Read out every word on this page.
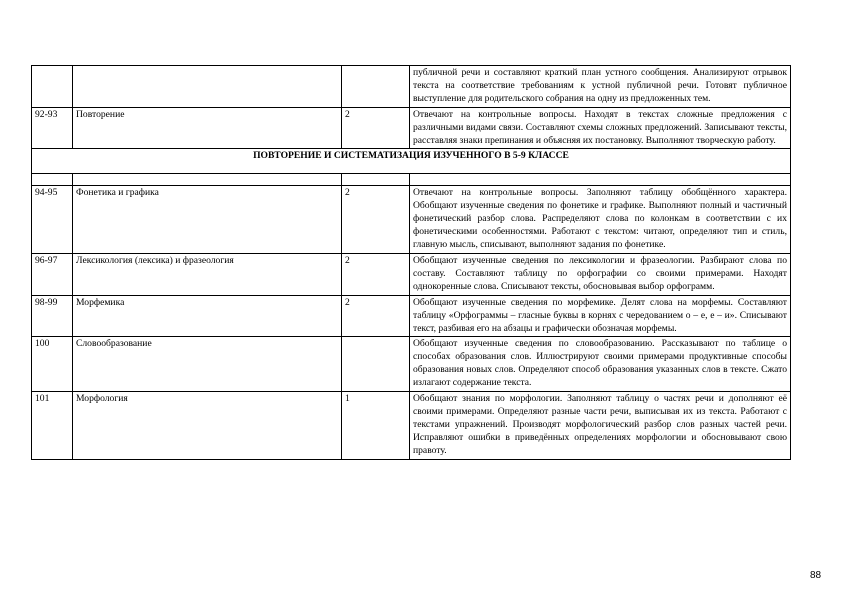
			публичной речи и составляют краткий план устного сообщения. Анализируют отрывок текста на соответствие требованиям к устной публичной речи. Готовят публичное выступление для родительского собрания на одну из предложенных тем.
92-93	Повторение	2	Отвечают на контрольные вопросы. Находят в текстах сложные предложения с различными видами связи. Составляют схемы сложных предложений. Записывают тексты, расставляя знаки препинания и объясняя их постановку. Выполняют творческую работу.
ПОВТОРЕНИЕ И СИСТЕМАТИЗАЦИЯ ИЗУЧЕННОГО В 5-9 КЛАССЕ			

94-95	Фонетика и графика	2	Отвечают на контрольные вопросы. Заполняют таблицу обобщённого характера. Обобщают изученные сведения по фонетике и графике. Выполняют полный и частичный фонетический разбор слова. Распределяют слова по колонкам в соответствии с их фонетическими особенностями. Работают с текстом: читают, определяют тип и стиль, главную мысль, списывают, выполняют задания по фонетике.
96-97	Лексикология (лексика) и фразеология	2	Обобщают изученные сведения по лексикологии и фразеологии. Разбирают слова по составу. Составляют таблицу по орфографии со своими примерами. Находят однокоренные слова. Списывают тексты, обосновывая выбор орфограмм.
98-99	Морфемика	2	Обобщают изученные сведения по морфемике. Делят слова на морфемы. Составляют таблицу «Орфограммы – гласные буквы в корнях с чередованием о – е, е – и». Списывают текст, разбивая его на абзацы и графически обозначая морфемы.
100	Словообразование		Обобщают изученные сведения по словообразованию. Рассказывают по таблице о способах образования слов. Иллюстрируют своими примерами продуктивные способы образования новых слов. Определяют способ образования указанных слов в тексте. Сжато излагают содержание текста.
101	Морфология	1	Обобщают знания по морфологии. Заполняют таблицу о частях речи и дополняют её своими примерами. Определяют разные части речи, выписывая их из текста. Работают с текстами упражнений. Производят морфологический разбор слов разных частей речи. Исправляют ошибки в приведённых определениях морфологии и обосновывают свою правоту.
88
